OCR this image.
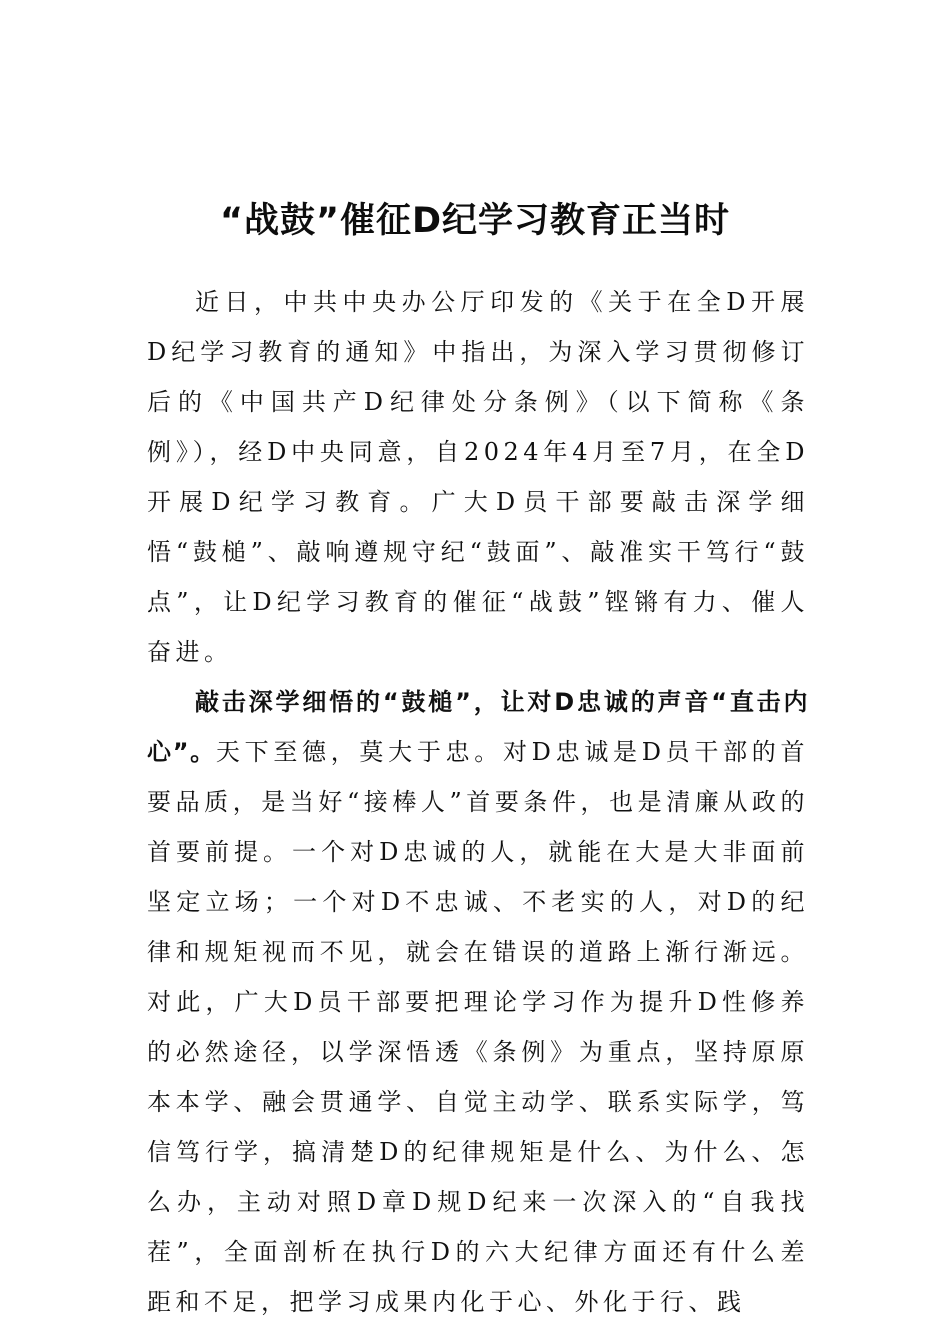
“战鼓”催征D纪学习教育正当时

近日，中共中央办公厅印发的《关于在全D开展D纪学习教育的通知》中指出，为深入学习贯彻修订后的《中国共产D纪律处分条例》（以下简称《条例》），经D中央同意，自2024年4月至7月，在全D开展D纪学习教育。广大D员干部要敲击深学细悟“鼓槌”、敲响遵规守纪“鼓面”、敲准实干笃行“鼓点”，让D纪学习教育的催征“战鼓”铿锵有力、催人奋进。

敲击深学细悟的“鼓槌”，让对D忠诚的声音“直击内心”。天下至德，莫大于忠。对D忠诚是D员干部的首要品质，是当好“接棒人”首要条件，也是清廉从政的首要前提。一个对D忠诚的人，就能在大是大非面前坚定立场；一个对D不忠诚、不老实的人，对D的纪律和规矩视而不见，就会在错误的道路上渐行渐远。对此，广大D员干部要把理论学习作为提升D性修养的必然途径，以学深悟透《条例》为重点，坚持原原本本学、融会贯通学、自觉主动学、联系实际学，笃信笃行学，搞清楚D的纪律规矩是什么、为什么、怎么办，主动对照D章D规D纪来一次深入的“自我找茬”，全面剖析在执行D的六大纪律方面还有什么差距和不足，把学习成果内化于心、外化于行、践
